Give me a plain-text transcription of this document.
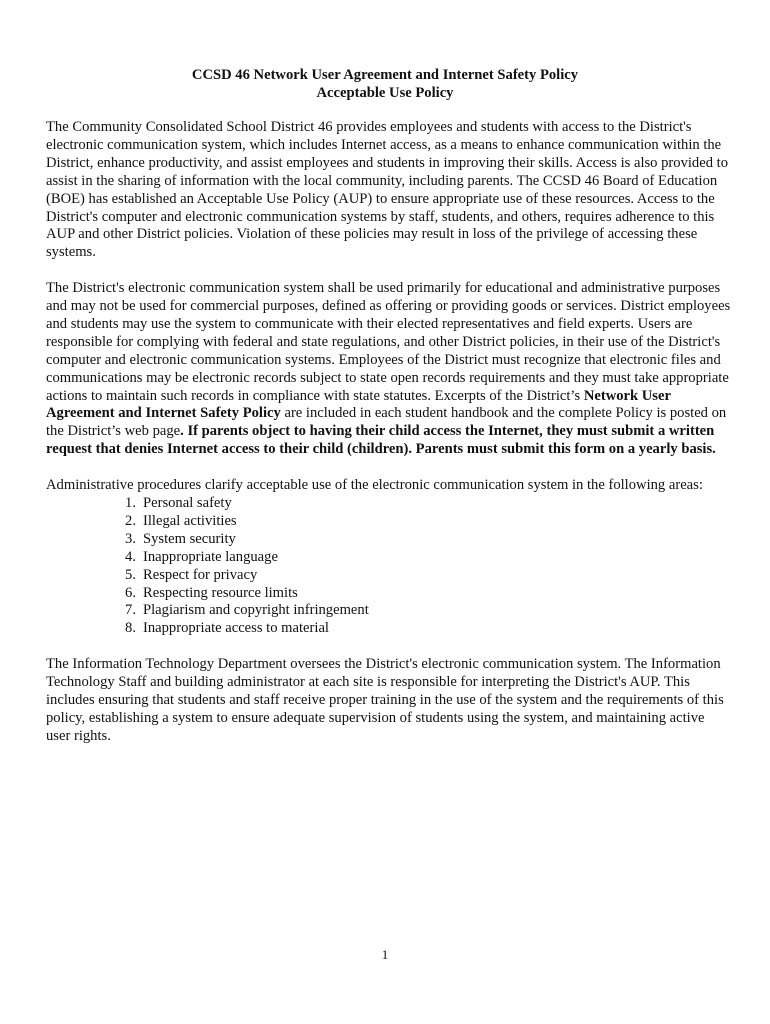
CCSD 46 Network User Agreement and Internet Safety Policy
Acceptable Use Policy

The Community Consolidated School District 46 provides employees and students with access to the District's electronic communication system, which includes Internet access, as a means to enhance communication within the District, enhance productivity, and assist employees and students in improving their skills. Access is also provided to assist in the sharing of information with the local community, including parents. The CCSD 46 Board of Education (BOE) has established an Acceptable Use Policy (AUP) to ensure appropriate use of these resources. Access to the District's computer and electronic communication systems by staff, students, and others, requires adherence to this AUP and other District policies. Violation of these policies may result in loss of the privilege of accessing these systems.

The District's electronic communication system shall be used primarily for educational and administrative purposes and may not be used for commercial purposes, defined as offering or providing goods or services. District employees and students may use the system to communicate with their elected representatives and field experts. Users are responsible for complying with federal and state regulations, and other District policies, in their use of the District's computer and electronic communication systems. Employees of the District must recognize that electronic files and communications may be electronic records subject to state open records requirements and they must take appropriate actions to maintain such records in compliance with state statutes. Excerpts of the District’s Network User Agreement and Internet Safety Policy are included in each student handbook and the complete Policy is posted on the District’s web page. If parents object to having their child access the Internet, they must submit a written request that denies Internet access to their child (children). Parents must submit this form on a yearly basis.

Administrative procedures clarify acceptable use of the electronic communication system in the following areas:

1. Personal safety
2. Illegal activities
3. System security
4. Inappropriate language
5. Respect for privacy
6. Respecting resource limits
7. Plagiarism and copyright infringement
8. Inappropriate access to material

The Information Technology Department oversees the District's electronic communication system. The Information Technology Staff and building administrator at each site is responsible for interpreting the District's AUP. This includes ensuring that students and staff receive proper training in the use of the system and the requirements of this policy, establishing a system to ensure adequate supervision of students using the system, and maintaining active user rights.

1
